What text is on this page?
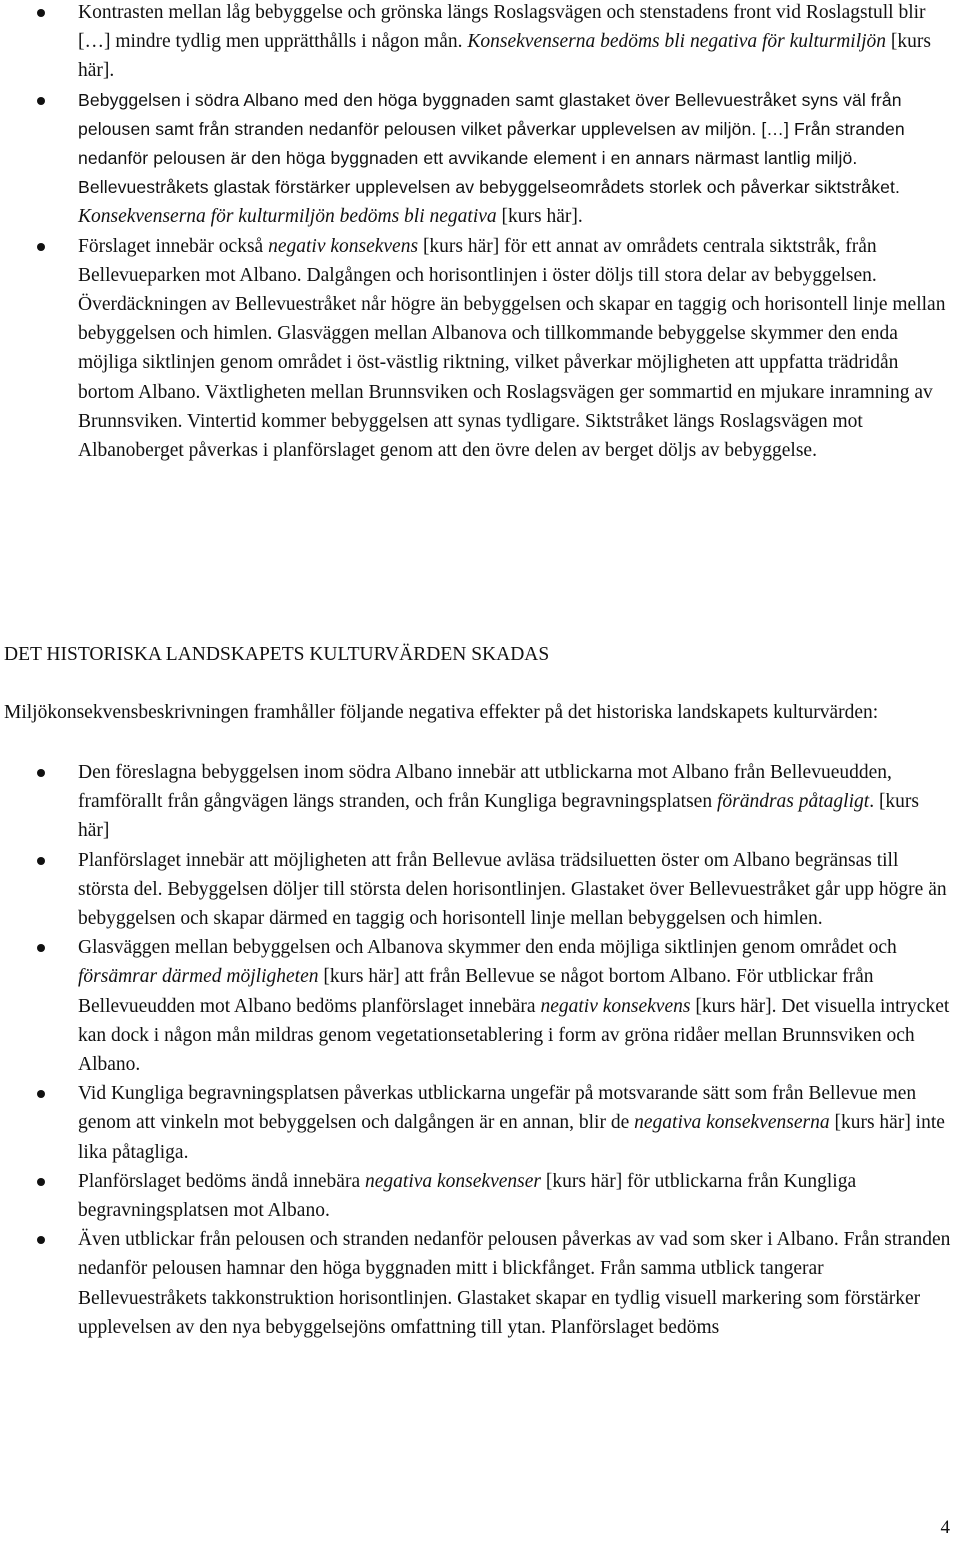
Kontrasten mellan låg bebyggelse och grönska längs Roslagsvägen och stenstadens front vid Roslagstull blir […] mindre tydlig men upprätthålls i någon mån. Konsekvenserna bedöms bli negativa för kulturmiljön [kurs här].
Bebyggelsen i södra Albano med den höga byggnaden samt glastaket över Bellevuestråket syns väl från pelousen samt från stranden nedanför pelousen vilket påverkar upplevelsen av miljön. […] Från stranden nedanför pelousen är den höga byggnaden ett avvikande element i en annars närmast lantlig miljö. Bellevuestråkets glastak förstärker upplevelsen av bebyggelseområdets storlek och påverkar siktstråket. Konsekvenserna för kulturmiljön bedöms bli negativa [kurs här].
Förslaget innebär också negativ konsekvens [kurs här] för ett annat av områdets centrala siktstråk, från Bellevueparken mot Albano. Dalgången och horisontlinjen i öster döljs till stora delar av bebyggelsen. Överdäckningen av Bellevuestråket når högre än bebyggelsen och skapar en taggig och horisontell linje mellan bebyggelsen och himlen. Glasväggen mellan Albanova och tillkommande bebyggelse skymmer den enda möjliga siktlinjen genom området i öst-västlig riktning, vilket påverkar möjligheten att uppfatta trädridån bortom Albano. Växtligheten mellan Brunnsviken och Roslagsvägen ger sommartid en mjukare inramning av Brunnsviken. Vintertid kommer bebyggelsen att synas tydligare. Siktstråket längs Roslagsvägen mot Albanoberget påverkas i planförslaget genom att den övre delen av berget döljs av bebyggelse.
DET HISTORISKA LANDSKAPETS KULTURVÄRDEN SKADAS

Miljökonsekvensbeskrivningen framhåller följande negativa effekter på det historiska landskapets kulturvärden:

Den föreslagna bebyggelsen inom södra Albano innebär att utblickarna mot Albano från Bellevueudden, framförallt från gångvägen längs stranden, och från Kungliga begravningsplatsen förändras påtagligt. [kurs här]
Planförslaget innebär att möjligheten att från Bellevue avläsa trädsiluetten öster om Albano begränsas till största del. Bebyggelsen döljer till största delen horisontlinjen. Glastaket över Bellevuestråket går upp högre än bebyggelsen och skapar därmed en taggig och horisontell linje mellan bebyggelsen och himlen.
Glasväggen mellan bebyggelsen och Albanova skymmer den enda möjliga siktlinjen genom området och försämrar därmed möjligheten [kurs här] att från Bellevue se något bortom Albano. För utblickar från Bellevueudden mot Albano bedöms planförslaget innebära negativ konsekvens [kurs här]. Det visuella intrycket kan dock i någon mån mildras genom vegetationsetablering i form av gröna ridåer mellan Brunnsviken och Albano.
Vid Kungliga begravningsplatsen påverkas utblickarna ungefär på motsvarande sätt som från Bellevue men genom att vinkeln mot bebyggelsen och dalgången är en annan, blir de negativa konsekvenserna [kurs här] inte lika påtagliga.
Planförslaget bedöms ändå innebära negativa konsekvenser [kurs här] för utblickarna från Kungliga begravningsplatsen mot Albano.
Även utblickar från pelousen och stranden nedanför pelousen påverkas av vad som sker i Albano. Från stranden nedanför pelousen hamnar den höga byggnaden mitt i blickfånget. Från samma utblick tangerar Bellevuestråkets takkonstruktion horisontlinjen. Glastaket skapar en tydlig visuell markering som förstärker upplevelsen av den nya bebyggelsejöns omfattning till ytan. Planförslaget bedöms
4
